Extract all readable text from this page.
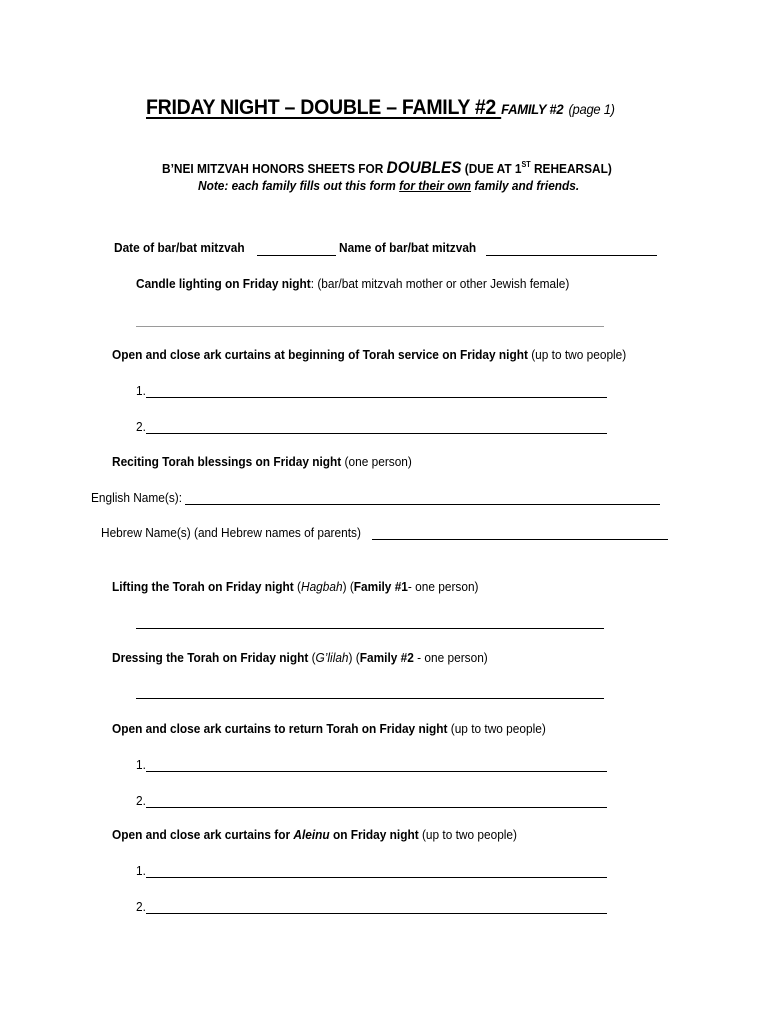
FRIDAY NIGHT – DOUBLE – FAMILY #2 FAMILY #2 (page 1)
B’NEI MITZVAH HONORS SHEETS FOR DOUBLES (DUE AT 1ST REHEARSAL)
Note: each family fills out this form for their own family and friends.
Date of bar/bat mitzvah	Name of bar/bat mitzvah
Candle lighting on Friday night: (bar/bat mitzvah mother or other Jewish female)
Open and close ark curtains at beginning of Torah service on Friday night (up to two people)
1.
2.
Reciting Torah blessings on Friday night (one person)
English Name(s):
Hebrew Name(s) (and Hebrew names of parents)
Lifting the Torah on Friday night (Hagbah) (Family #1- one person)
Dressing the Torah on Friday night (G’lilah) (Family #2 - one person)
Open and close ark curtains to return Torah on Friday night (up to two people)
1.
2.
Open and close ark curtains for Aleinu on Friday night (up to two people)
1.
2.
